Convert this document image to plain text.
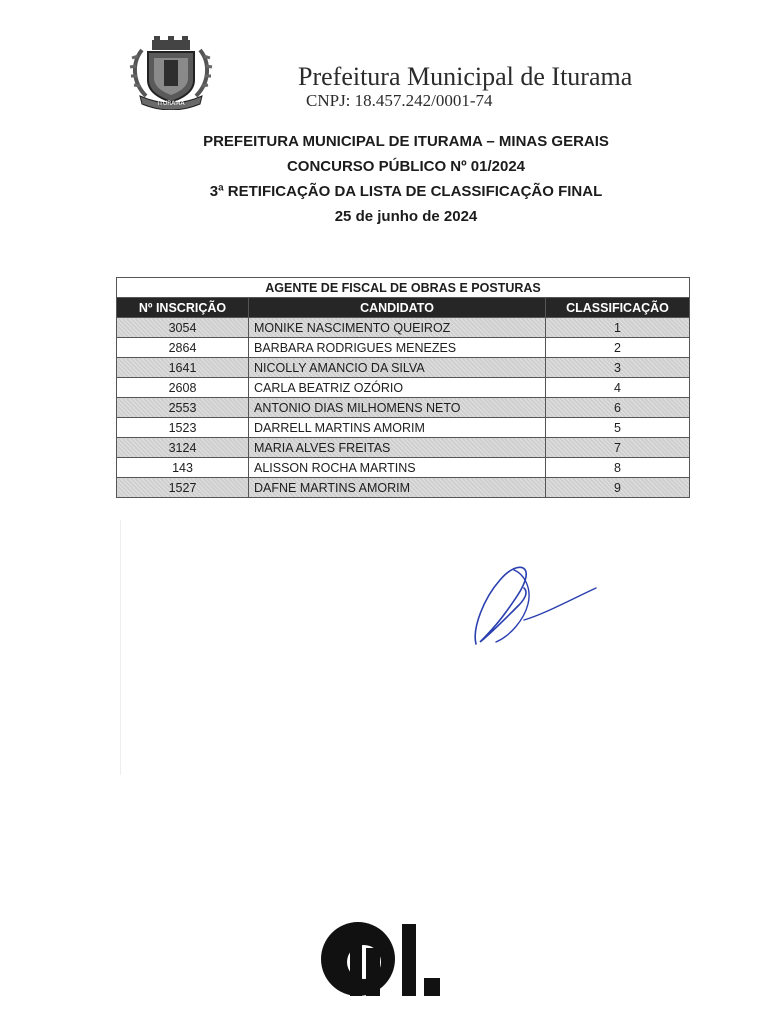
ITURAMA
Prefeitura Municipal de Iturama
CNPJ: 18.457.242/0001-74
PREFEITURA MUNICIPAL DE ITURAMA – MINAS GERAIS
CONCURSO PÚBLICO Nº 01/2024
3ª RETIFICAÇÃO DA LISTA DE CLASSIFICAÇÃO FINAL
25 de junho de 2024
AGENTE DE FISCAL DE OBRAS E POSTURAS		
Nº INSCRIÇÃO	CANDIDATO	CLASSIFICAÇÃO
3054	MONIKE NASCIMENTO QUEIROZ	1
2864	BARBARA RODRIGUES MENEZES	2
1641	NICOLLY AMANCIO DA SILVA	3
2608	CARLA BEATRIZ OZÓRIO	4
2553	ANTONIO DIAS MILHOMENS NETO	6
1523	DARRELL MARTINS AMORIM	5
3124	MARIA ALVES FREITAS	7
143	ALISSON ROCHA MARTINS	8
1527	DAFNE MARTINS AMORIM	9
hl.
